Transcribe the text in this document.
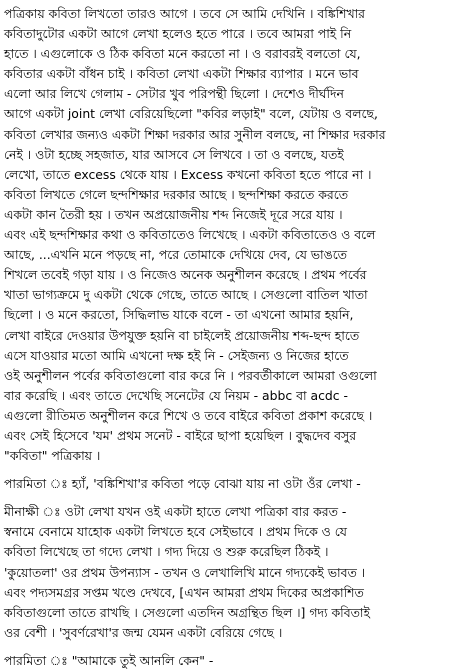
পত্রিকায় কবিতা লিখতো তারও আগে । তবে সে আমি দেখিনি । বঙ্কিশিখার
কবিতাদুটোর একটা আগে লেখা হলেও হতে পারে । তবে আমরা পাই নি
হাতে । এগুলোকে ও ঠিক কবিতা মনে করতো না । ও বরাবরই বলতো যে,
কবিতার একটা বাঁধন চাই । কবিতা লেখা একটা শিক্ষার ব্যাপার । মনে ভাব
এলো আর লিখে গেলাম - সেটার খুব পরিপন্থী ছিলো । দেশেও দীর্ঘদিন
আগে একটা joint লেখা বেরিয়েছিলো "কবির লড়াই" বলে, যেটায় ও বলছে,
কবিতা লেখার জন্যও একটা শিক্ষা দরকার আর সুনীল বলছে, না শিক্ষার দরকার
নেই । ওটা হচ্ছে সহজাত, যার আসবে সে লিখবে । তা ও বলছে, যতই
লেখো, তাতে excess থেকে যায় । Excess কখনো কবিতা হতে পারে না ।
কবিতা লিখতে গেলে ছন্দশিক্ষার দরকার আছে । ছন্দশিক্ষা করতে করতে
একটা কান তৈরী হয় । তখন অপ্রয়োজনীয় শব্দ নিজেই দূরে সরে যায় ।
এবং এই ছন্দশিক্ষার কথা ও কবিতাতেও লিখেছে । একটা কবিতাতেও ও বলে
আছে, ...এখনি মনে পড়ছে না, পরে তোমাকে দেখিয়ে দেব, যে ভাঙতে
শিখলে তবেই গড়া যায় । ও নিজেও অনেক অনুশীলন করেছে । প্রথম পর্বের
খাতা ভাগ্যক্রমে দু একটা থেকে গেছে, তাতে আছে । সেগুলো বাতিল খাতা
ছিলো । ও মনে করতো, সিদ্ধিলাভ যাকে বলে - তা এখনো আমার হয়নি,
লেখা বাইরে দেওয়ার উপযুক্ত হয়নি বা চাইলেই প্রয়োজনীয় শব্দ-ছন্দ হাতে
এসে যাওয়ার মতো আমি এখনো দক্ষ হই নি - সেইজন্য ও নিজের হাতে
ওই অনুশীলন পর্বের কবিতাগুলো বার করে নি । পরবর্তীকালে আমরা ওগুলো
বার করেছি । এবং তাতে দেখেছি সনেটের যে নিয়ম - abbc বা acdc -
এগুলো রীতিমত অনুশীলন করে শিখে ও তবে বাইরে কবিতা প্রকাশ করেছে ।
এবং সেই হিসেবে 'যম' প্রথম সনেট - বাইরে ছাপা হয়েছিল । বুদ্ধদেব বসুর
"কবিতা" পত্রিকায় ।
পারমিতা ঃ হ্যাঁ, 'বঙ্কিশিখা'র কবিতা পড়ে বোঝা যায় না ওটা ওঁর লেখা -
মীনাক্ষী ঃ ওটা লেখা যখন ওই একটা হাতে লেখা পত্রিকা বার করত -
স্বনামে বেনামে যাহোক একটা লিখতে হবে সেইভাবে । প্রথম দিকে ও যে
কবিতা লিখেছে তা গদ্যে লেখা । গদ্য দিয়ে ও শুরু করেছিল ঠিকই ।
'কুয়োতলা' ওর প্রথম উপন্যাস - তখন ও লেখালিখি মানে গদ্যকেই ভাবত ।
এবং পদ্যসমগ্রর সপ্তম খণ্ডে দেখবে, [এখন আমরা প্রথম দিকের অপ্রকাশিত
কবিতাগুলো তাতে রাখছি । সেগুলো এতদিন অগ্রন্থিত ছিল ।] গদ্য কবিতাই
ওর বেশী । 'সুবর্ণরেখা'র জন্ম যেমন একটা বেরিয়ে গেছে ।
পারমিতা ঃ "আমাকে তুই আনলি কেন" -
